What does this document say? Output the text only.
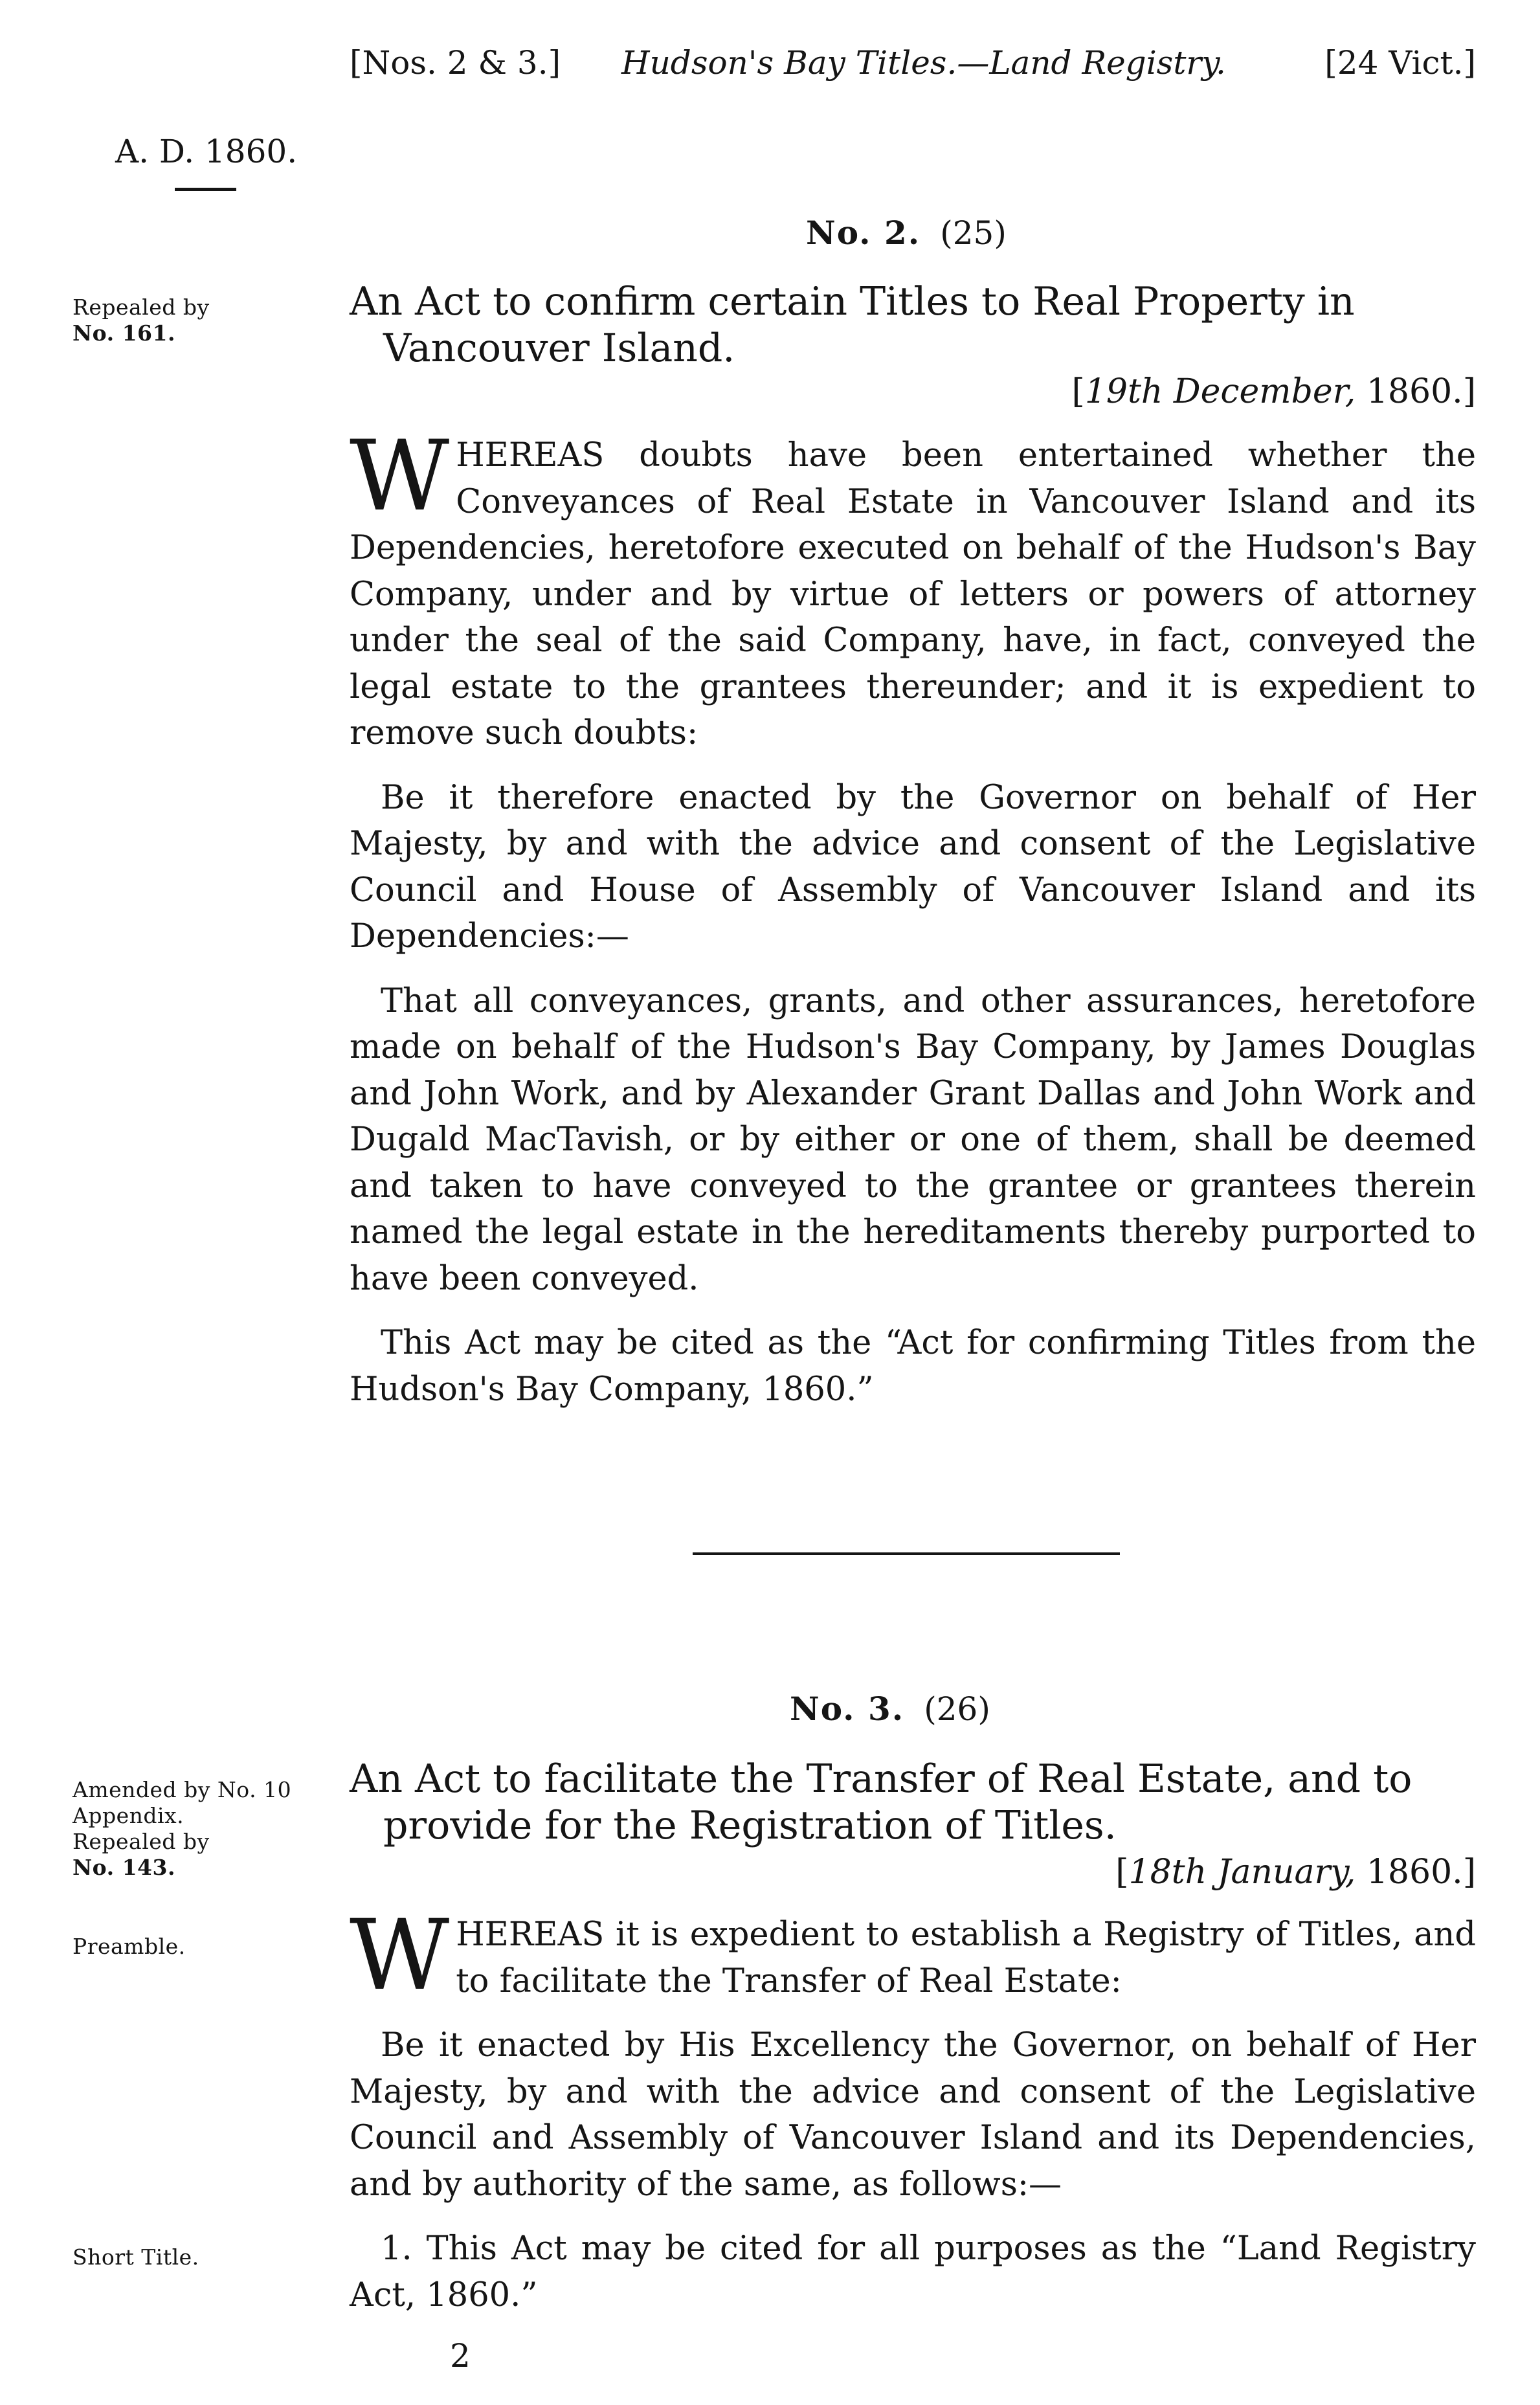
[Nos. 2 & 3.] Hudson's Bay Titles.—Land Registry.	[24 Vict.]
A. D. 1860.
Repealed by
No. 161.
No. 2. (25)
An Act to confirm certain Titles to Real Property in Vancouver Island.
[19th December, 1860.]
WHEREAS doubts have been entertained whether the Conveyances of Real Estate in Vancouver Island and its Dependencies, heretofore executed on behalf of the Hudson's Bay Company, under and by virtue of letters or powers of attorney under the seal of the said Company, have, in fact, conveyed the legal estate to the grantees thereunder; and it is expedient to remove such doubts:
Be it therefore enacted by the Governor on behalf of Her Majesty, by and with the advice and consent of the Legislative Council and House of Assembly of Vancouver Island and its Dependencies:—
That all conveyances, grants, and other assurances, heretofore made on behalf of the Hudson's Bay Company, by James Douglas and John Work, and by Alexander Grant Dallas and John Work and Dugald MacTavish, or by either or one of them, shall be deemed and taken to have conveyed to the grantee or grantees therein named the legal estate in the hereditaments thereby purported to have been conveyed.
This Act may be cited as the “Act for confirming Titles from the Hudson's Bay Company, 1860.”
No. 3. (26)
Amended by No. 10
Appendix.
Repealed by
No. 143.
An Act to facilitate the Transfer of Real Estate, and to provide for the Registration of Titles.
[18th January, 1860.]
Preamble. WHEREAS it is expedient to establish a Registry of Titles, and to facilitate the Transfer of Real Estate:
Be it enacted by His Excellency the Governor, on behalf of Her Majesty, by and with the advice and consent of the Legislative Council and Assembly of Vancouver Island and its Dependencies, and by authority of the same, as follows:—
1. This Act may be cited for all purposes as the “Land Registry Act, 1860.”
Short Title.
2
